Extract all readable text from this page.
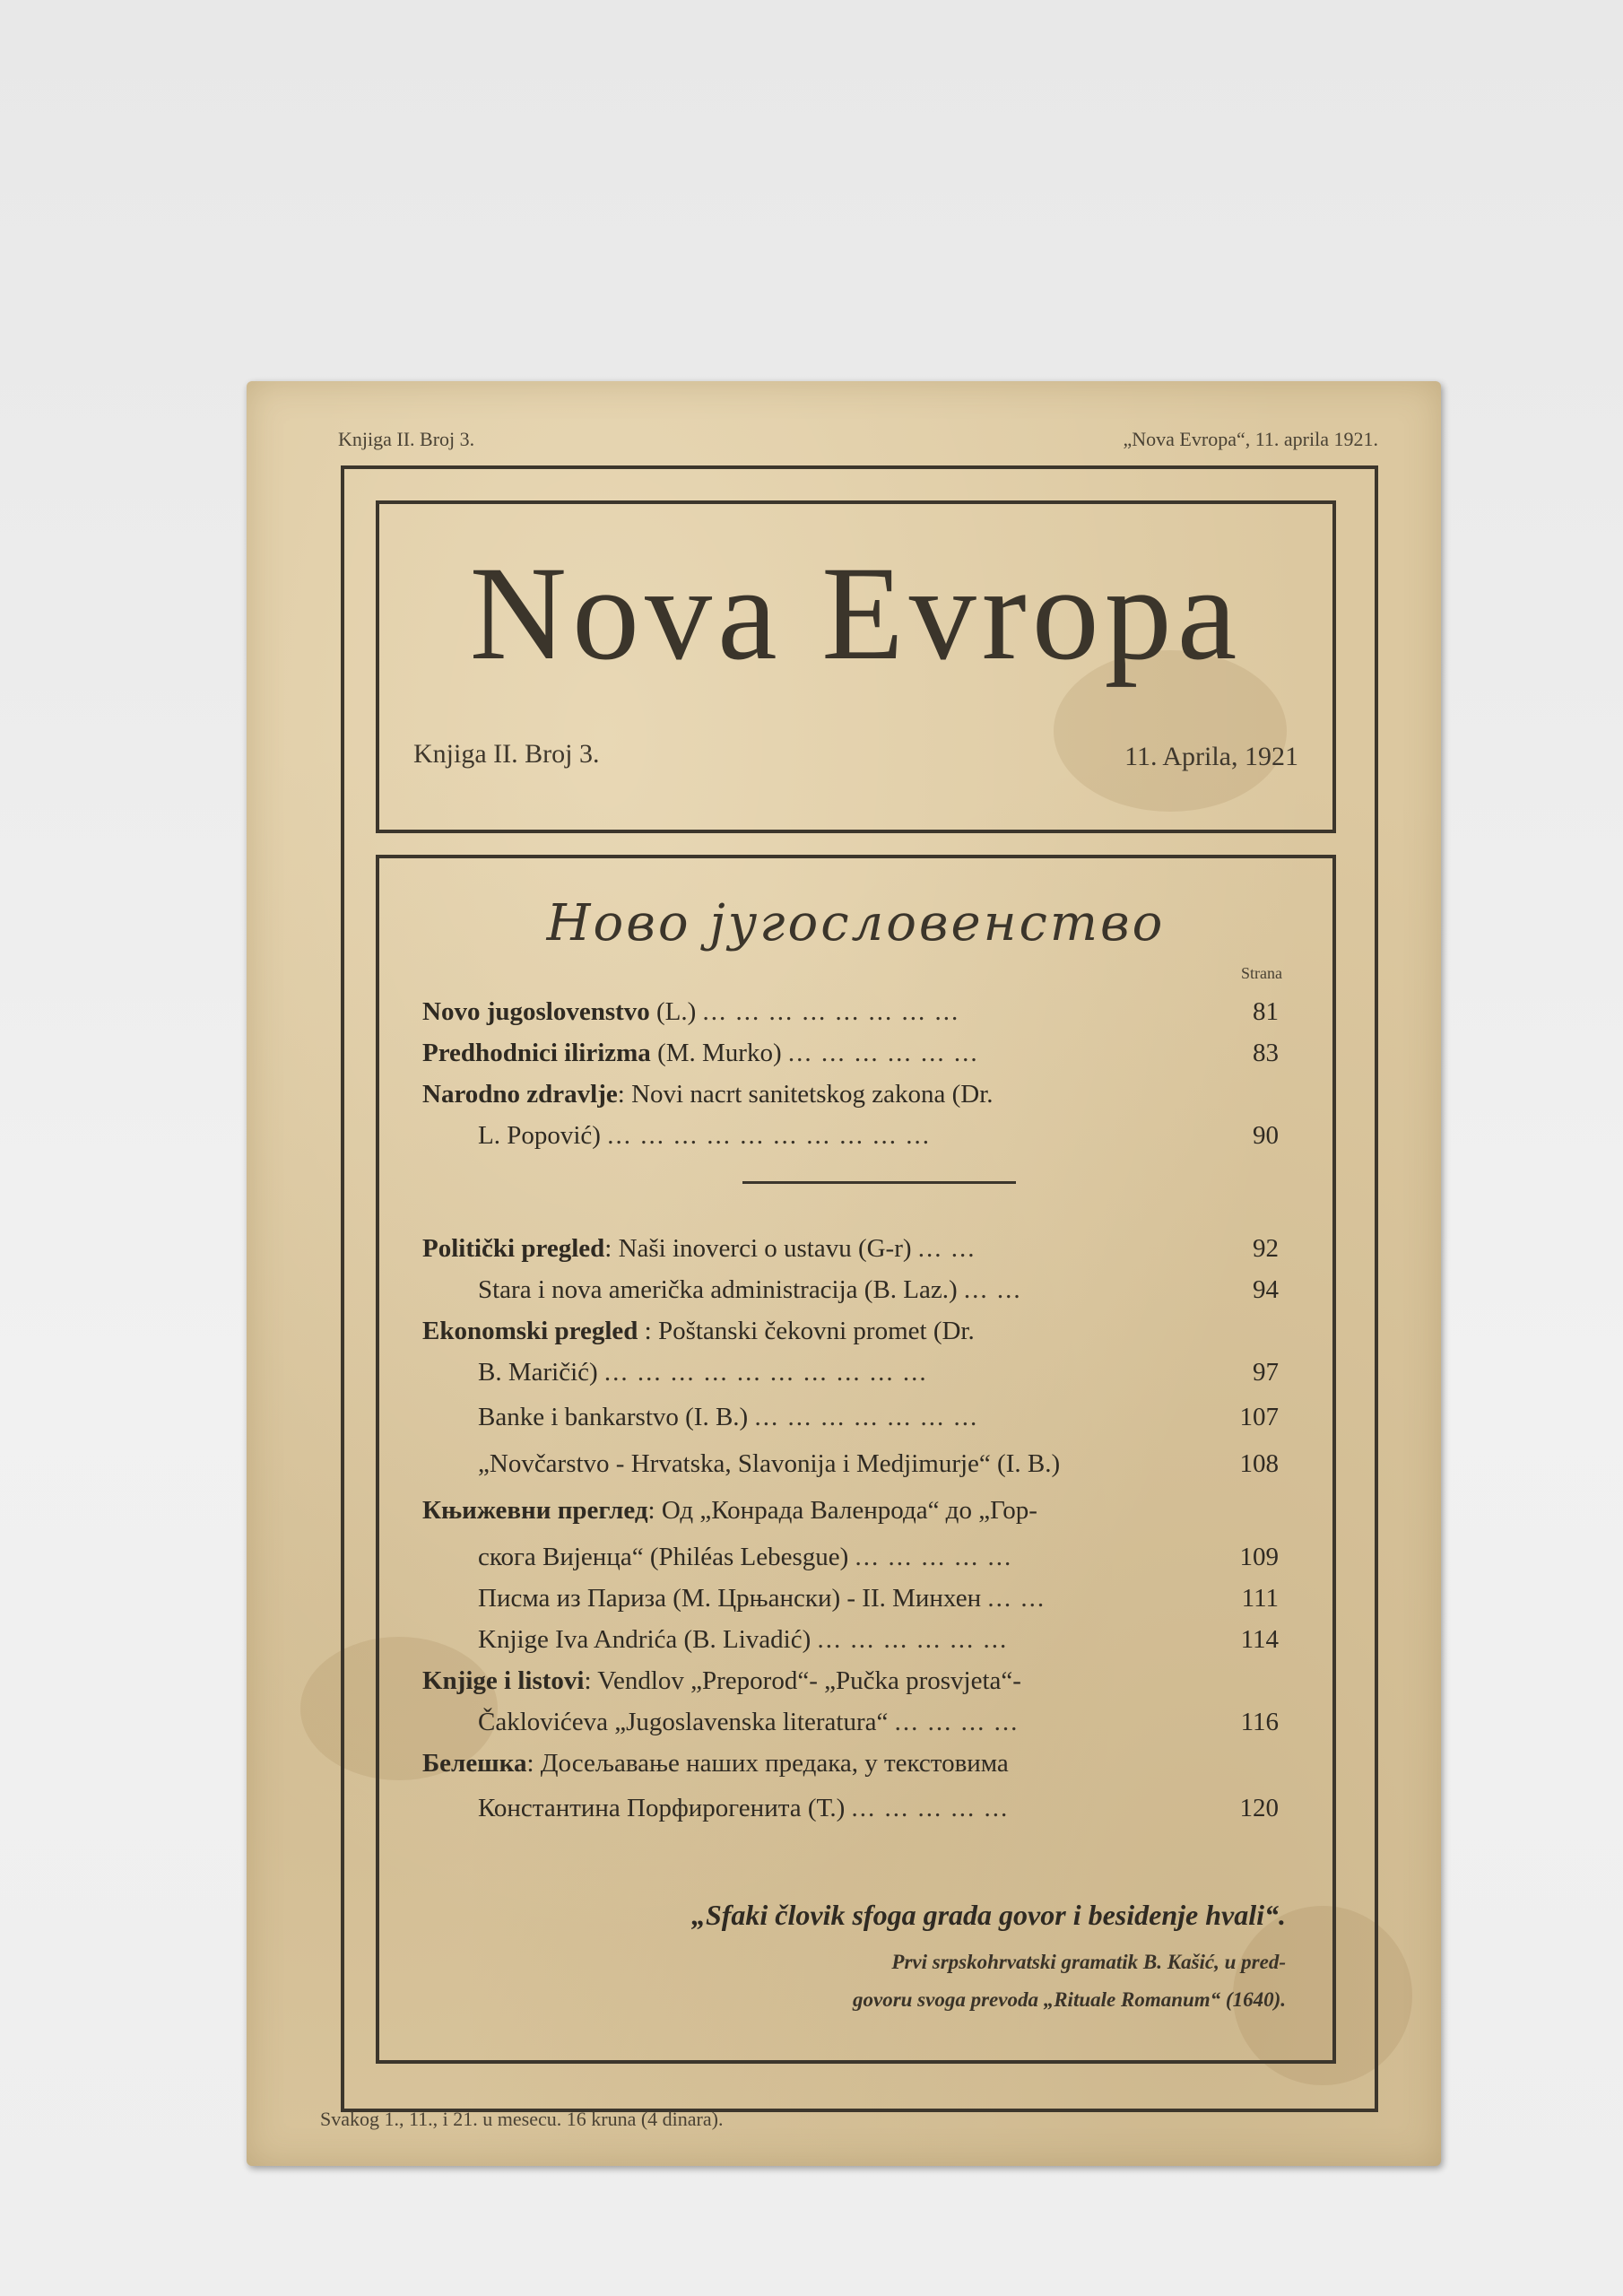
Knjiga II. Broj 3.	„Nova Evropa“, 11. aprila 1921.
Nova Evropa
Knjiga II. Broj 3.	11. Aprila, 1921
Ново југословенство
Strana
Novo jugoslovenstvo (L.) ... ... ... ... ... ... ... ...	81
Predhodnici ilirizma (M. Murko) ... ... ... ... ... ...	83
Narodno zdravlje: Novi nacrt sanitetskog zakona (Dr.
L. Popović) ... ... ... ... ... ... ... ... ... ...	90
Politički pregled: Naši inoverci o ustavu (G-r) ... ...	92
Stara i nova američka administracija (B. Laz.) ... ...	94
Ekonomski pregled : Poštanski čekovni promet (Dr.
B. Maričić) ... ... ... ... ... ... ... ... ... ...	97
Banke i bankarstvo (I. B.) ... ... ... ... ... ... ...	107
„Novčarstvo - Hrvatska, Slavonija i Medjimurje“ (I. B.)	108
Књижевни преглед: Од „Конрада Валенрода“ до „Гор-
скога Вијенца“ (Philéas Lebesgue) ... ... ... ... ...	109
Писма из Париза (М. Црњански) - II. Минхен ... ...	111
Knjige Iva Andrića (B. Livadić) ... ... ... ... ... ...	114
Knjige i listovi: Vendlov „Preporod“- „Pučka prosvjeta“-
Čaklovićeva „Jugoslavenska literatura“ ... ... ... ...	116
Белешка: Досељавање наших предака, у текстовима
Константина Порфирогенита (Т.) ... ... ... ... ...	120
„Sfaki človik sfoga grada govor i besidenje hvali“.
Prvi srpskohrvatski gramatik B. Kašić, u pred-
govoru svoga prevoda „Rituale Romanum“ (1640).
Svakog 1., 11., i 21. u mesecu. 16 kruna (4 dinara).
